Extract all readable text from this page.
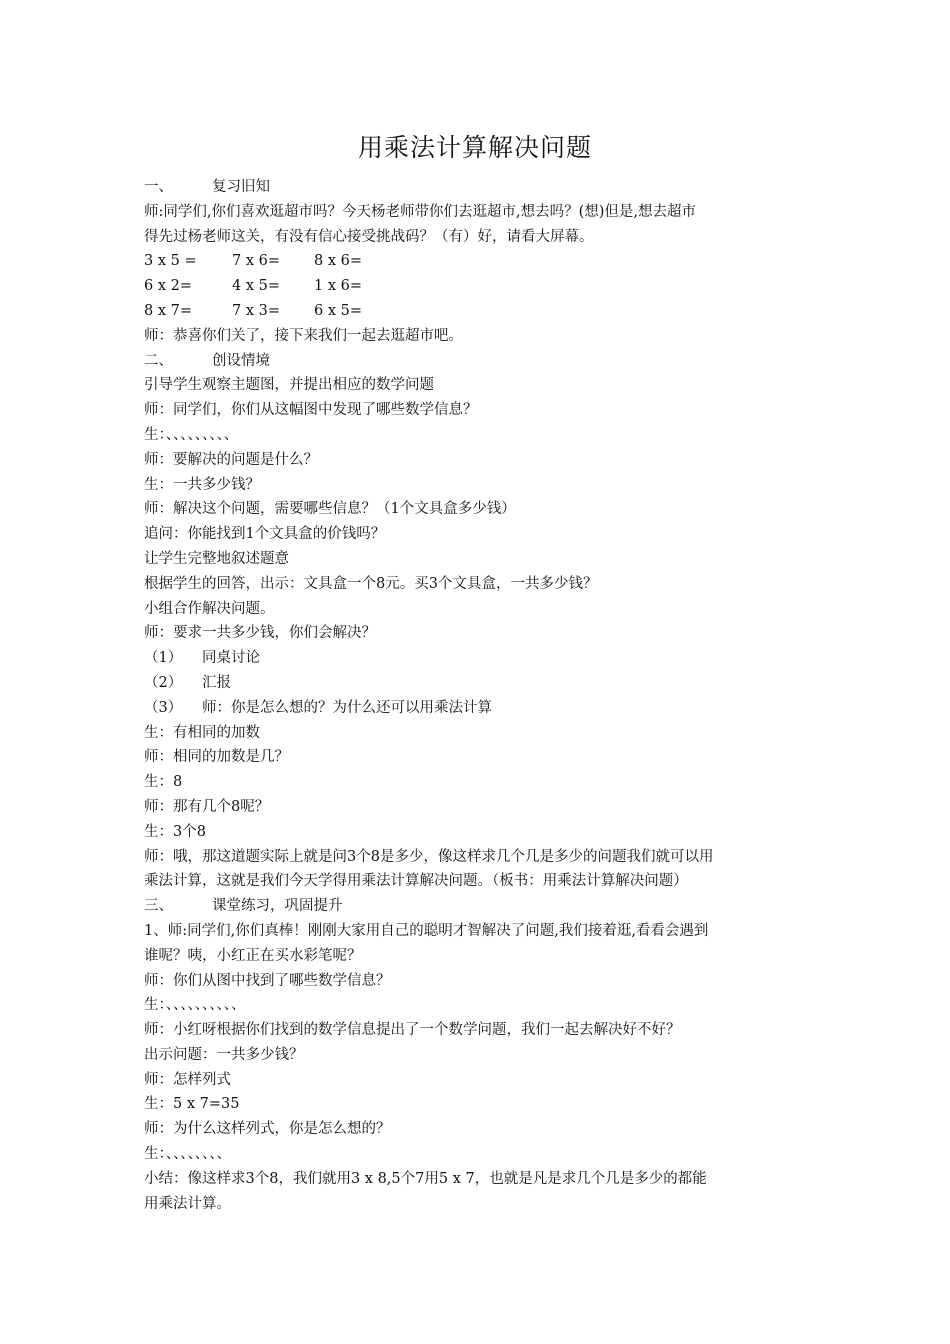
用乘法计算解决问题
一、	复习旧知
师:同学们,你们喜欢逛超市吗？今天杨老师带你们去逛超市,想去吗？(想)但是,想去超市
得先过杨老师这关，有没有信心接受挑战码？（有）好，请看大屏幕。
3 x 5 = 7 x 6= 8 x 6=
6 x 2=	4 x 5= 1 x 6=
8 x 7=	7 x 3= 6 x 5=
师：恭喜你们关了，接下来我们一起去逛超市吧。
二、	创设情境
引导学生观察主题图，并提出相应的数学问题
师：同学们，你们从这幅图中发现了哪些数学信息？
生：、、、、、、、、、
师：要解决的问题是什么？
生：一共多少钱？
师：解决这个问题，需要哪些信息？（1个文具盒多少钱）
追问：你能找到1个文具盒的价钱吗？
让学生完整地叙述题意
根据学生的回答，出示：文具盒一个8元。买3个文具盒，一共多少钱？
小组合作解决问题。
师：要求一共多少钱，你们会解决？
（1） 同桌讨论
（2） 汇报
（3） 师：你是怎么想的？为什么还可以用乘法计算
生：有相同的加数
师：相同的加数是几？
生：8
师：那有几个8呢？
生：3个8
师：哦，那这道题实际上就是问3个8是多少，像这样求几个几是多少的问题我们就可以用
乘法计算，这就是我们今天学得用乘法计算解决问题。（板书：用乘法计算解决问题）
三、	课堂练习，巩固提升
1、师:同学们,你们真棒！刚刚大家用自己的聪明才智解决了问题,我们接着逛,看看会遇到
谁呢？咦，小红正在买水彩笔呢？
师：你们从图中找到了哪些数学信息？
生：、、、、、、、、、、
师：小红呀根据你们找到的数学信息提出了一个数学问题，我们一起去解决好不好？
出示问题：一共多少钱？
师：怎样列式
生：5 x 7=35
师：为什么这样列式，你是怎么想的？
生：、、、、、、、、
小结：像这样求3个8，我们就用3 x 8,5个7用5 x 7，也就是凡是求几个几是多少的都能
用乘法计算。
